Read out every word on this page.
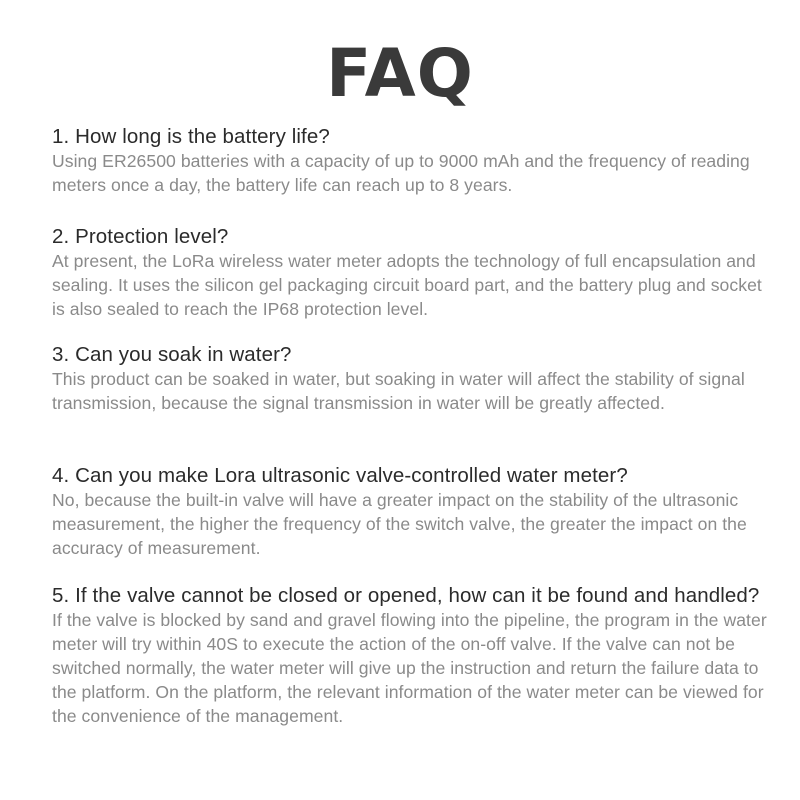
FAQ
1. How long is the battery life?
Using ER26500 batteries with a capacity of up to 9000 mAh and the frequency of reading meters once a day, the battery life can reach up to 8 years.
2. Protection level?
At present, the LoRa wireless water meter adopts the technology of full encapsulation and sealing. It uses the silicon gel packaging circuit board part, and the battery plug and socket is also sealed to reach the IP68 protection level.
3. Can you soak in water?
This product can be soaked in water, but soaking in water will affect the stability of signal transmission, because the signal transmission in water will be greatly affected.
4. Can you make Lora ultrasonic valve-controlled water meter?
No, because the built-in valve will have a greater impact on the stability of the ultrasonic measurement, the higher the frequency of the switch valve, the greater the impact on the accuracy of measurement.
5. If the valve cannot be closed or opened, how can it be found and handled?
If the valve is blocked by sand and gravel flowing into the pipeline, the program in the water meter will try within 40S to execute the action of the on-off valve. If the valve can not be switched normally, the water meter will give up the instruction and return the failure data to the platform. On the platform, the relevant information of the water meter can be viewed for the convenience of the management.
